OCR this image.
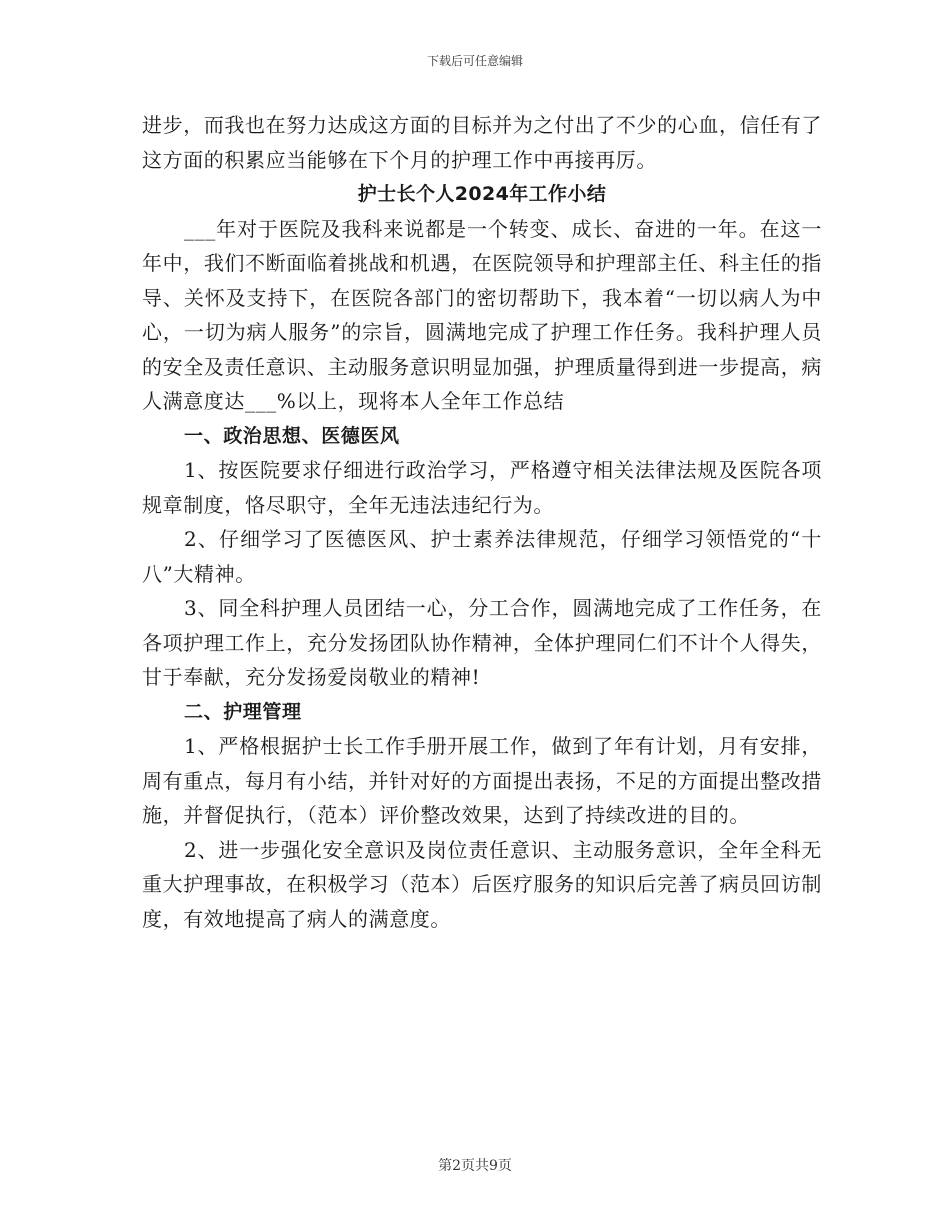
下载后可任意编辑

进步，而我也在努力达成这方面的目标并为之付出了不少的心血，信任有了这方面的积累应当能够在下个月的护理工作中再接再厉。

护士长个人2024年工作小结

___年对于医院及我科来说都是一个转变、成长、奋进的一年。在这一年中，我们不断面临着挑战和机遇，在医院领导和护理部主任、科主任的指导、关怀及支持下，在医院各部门的密切帮助下，我本着“一切以病人为中心，一切为病人服务”的宗旨，圆满地完成了护理工作任务。我科护理人员的安全及责任意识、主动服务意识明显加强，护理质量得到进一步提高，病人满意度达___%以上，现将本人全年工作总结

一、政治思想、医德医风

1、按医院要求仔细进行政治学习，严格遵守相关法律法规及医院各项规章制度，恪尽职守，全年无违法违纪行为。

2、仔细学习了医德医风、护士素养法律规范，仔细学习领悟党的“十八”大精神。

3、同全科护理人员团结一心，分工合作，圆满地完成了工作任务，在各项护理工作上，充分发扬团队协作精神，全体护理同仁们不计个人得失，甘于奉献，充分发扬爱岗敬业的精神!

二、护理管理

1、严格根据护士长工作手册开展工作，做到了年有计划，月有安排，周有重点，每月有小结，并针对好的方面提出表扬，不足的方面提出整改措施，并督促执行，（范本）评价整改效果，达到了持续改进的目的。

2、进一步强化安全意识及岗位责任意识、主动服务意识，全年全科无重大护理事故，在积极学习（范本）后医疗服务的知识后完善了病员回访制度，有效地提高了病人的满意度。

第2页共9页
